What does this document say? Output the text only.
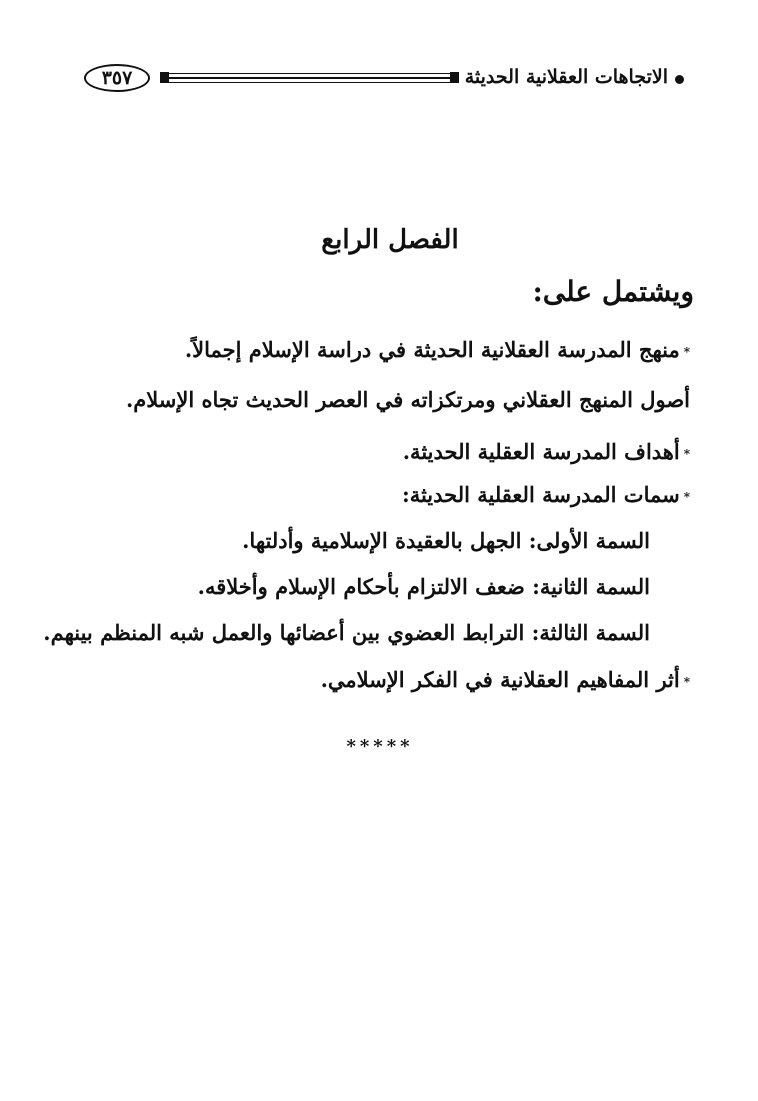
٣٥٧	الاتجاهات العقلانية الحديثة
الفصل الرابع
ويشتمل على:
*منهج المدرسة العقلانية الحديثة في دراسة الإسلام إجمالاً.
أصول المنهج العقلاني ومرتكزاته في العصر الحديث تجاه الإسلام.
*أهداف المدرسة العقلية الحديثة.
*سمات المدرسة العقلية الحديثة:
السمة الأولى: الجهل بالعقيدة الإسلامية وأدلتها.
السمة الثانية: ضعف الالتزام بأحكام الإسلام وأخلاقه.
السمة الثالثة: الترابط العضوي بين أعضائها والعمل شبه المنظم بينهم.
*أثر المفاهيم العقلانية في الفكر الإسلامي.
*****
